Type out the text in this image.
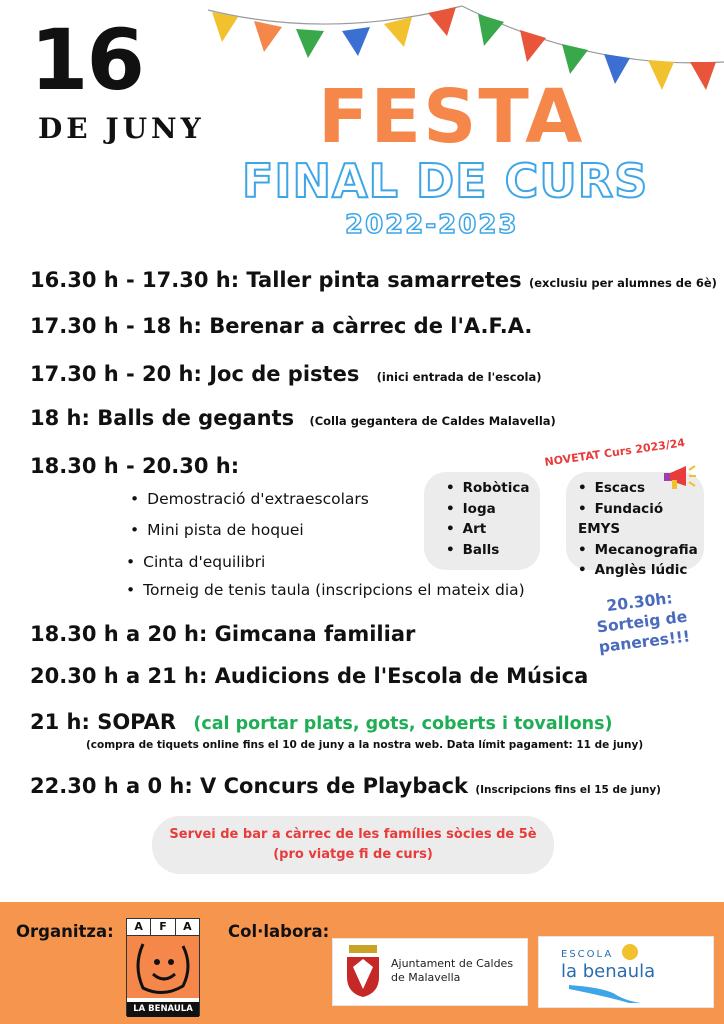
16
DE JUNY FESTA
FINAL DE CURS
2022-2023
16.30 h - 17.30 h: Taller pinta samarretes (exclusiu per alumnes de 6è)
17.30 h - 18 h: Berenar a càrrec de l'A.F.A.
17.30 h - 20 h: Joc de pistes (inici entrada de l'escola)
18 h: Balls de gegants (Colla gegantera de Caldes Malavella)
18.30 h - 20.30 h:
• Demostració d'extraescolars
• Mini pista de hoquei
• Cinta d'equilibri
• Torneig de tenis taula (inscripcions el mateix dia)
• Robòtica
• Ioga
• Art
• Balls
• Escacs
• Fundació EMYS
• Mecanografia
• Anglès lúdic
NOVETAT Curs 2023/24
20.30h:
Sorteig de paneres!!!
18.30 h a 20 h: Gimcana familiar
20.30 h a 21 h: Audicions de l'Escola de Música
21 h: SOPAR (cal portar plats, gots, coberts i tovallons)
(compra de tiquets online fins el 10 de juny a la nostra web. Data límit pagament: 11 de juny)
22.30 h a 0 h: V Concurs de Playback (Inscripcions fins el 15 de juny)
Servei de bar a càrrec de les famílies sòcies de 5è
(pro viatge fi de curs)
Organitza:	A	F	A
LA BENAULA
Col·labora:
Ajuntament de Caldes
de Malavella
ESCOLA
la benaula
